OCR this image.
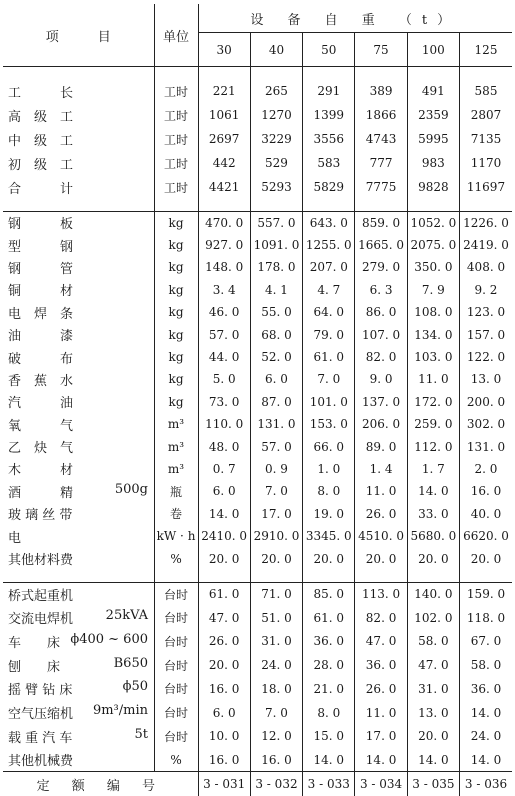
项　　　目	单位	设 备 自 重 （t）					
		30	40	50	75	100	125

工　　　长	工时	221	265	291	389	491	585
高　级　工	工时	1061	1270	1399	1866	2359	2807
中　级　工	工时	2697	3229	3556	4743	5995	7135
初　级　工	工时	442	529	583	777	983	1170
合　　　计	工时	4421	5293	5829	7775	9828	11697

钢　　　板	kg	470. 0	557. 0	643. 0	859. 0	1052. 0	1226. 0
型　　　钢	kg	927. 0	1091. 0	1255. 0	1665. 0	2075. 0	2419. 0
钢　　　管	kg	148. 0	178. 0	207. 0	279. 0	350. 0	408. 0
铜　　　材	kg	3. 4	4. 1	4. 7	6. 3	7. 9	9. 2
电　焊　条	kg	46. 0	55. 0	64. 0	86. 0	108. 0	123. 0
油　　　漆	kg	57. 0	68. 0	79. 0	107. 0	134. 0	157. 0
破　　　布	kg	44. 0	52. 0	61. 0	82. 0	103. 0	122. 0
香　蕉　水	kg	5. 0	6. 0	7. 0	9. 0	11. 0	13. 0
汽　　　油	kg	73. 0	87. 0	101. 0	137. 0	172. 0	200. 0
氧　　　气	m³	110. 0	131. 0	153. 0	206. 0	259. 0	302. 0
乙　炔　气	m³	48. 0	57. 0	66. 0	89. 0	112. 0	131. 0
木　　　材	m³	0. 7	0. 9	1. 0	1. 4	1. 7	2. 0

酒　　　精 500g	瓶	6. 0	7. 0	8. 0	11. 0	14. 0	16. 0
玻 璃 丝 带	卷	14. 0	17. 0	19. 0	26. 0	33. 0	40. 0
电	kW · h	2410. 0	2910. 0	3345. 0	4510. 0	5680. 0	6620. 0
其他材料费	%	20. 0	20. 0	20. 0	20. 0	20. 0	20. 0

桥式起重机	台时	61. 0	71. 0	85. 0	113. 0	140. 0	159. 0

交流电焊机 25kVA	台时	47. 0	51. 0	61. 0	82. 0	102. 0	118. 0

车　　床 ϕ400 ~ 600	台时	26. 0	31. 0	36. 0	47. 0	58. 0	67. 0

刨　　床 B650	台时	20. 0	24. 0	28. 0	36. 0	47. 0	58. 0

摇 臂 钻 床 ϕ50	台时	16. 0	18. 0	21. 0	26. 0	31. 0	36. 0

空气压缩机 9m³/min	台时	6. 0	7. 0	8. 0	11. 0	13. 0	14. 0

载 重 汽 车 5t	台时	10. 0	12. 0	15. 0	17. 0	20. 0	24. 0
其他机械费	%	16. 0	16. 0	14. 0	14. 0	14. 0	14. 0
定 额 编 号		3 - 031	3 - 032	3 - 033	3 - 034	3 - 035	3 - 036
